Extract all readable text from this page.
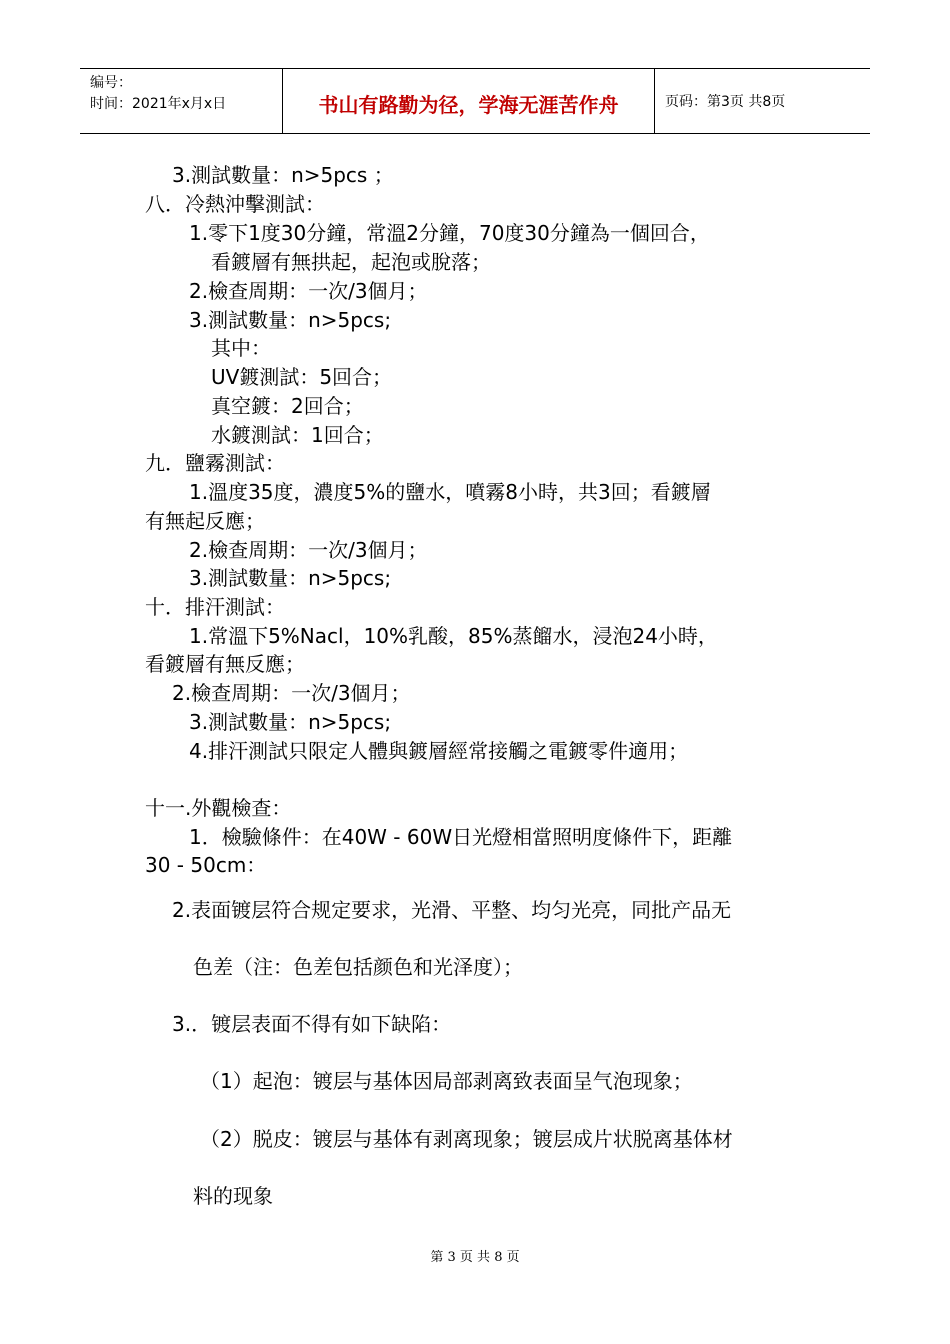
编号：
时间：2021年x月x日	书山有路勤为径，学海无涯苦作舟	页码：第3页 共8页
3.測試數量：n>5pcs ；
八．冷熱沖擊測試：
1.零下1度30分鐘，常溫2分鐘，70度30分鐘為一個回合，
看鍍層有無拱起，起泡或脫落；
2.檢查周期：一次/3個月；
3.測試數量：n>5pcs;
其中：
UV鍍測試：5回合；
真空鍍：2回合；
水鍍測試：1回合；
九．鹽霧測試：
1.溫度35度，濃度5%的鹽水，噴霧8小時，共3回；看鍍層
有無起反應；
2.檢查周期：一次/3個月；
3.測試數量：n>5pcs;
十．排汗測試：
1.常溫下5%Nacl，10%乳酸，85%蒸餾水，浸泡24小時，
看鍍層有無反應；
2.檢查周期：一次/3個月；
3.測試數量：n>5pcs;
4.排汗測試只限定人體與鍍層經常接觸之電鍍零件適用；
十一.外觀檢查：
1．檢驗條件：在40W - 60W日光燈相當照明度條件下，距離
30 - 50cm：
2.表面镀层符合规定要求，光滑、平整、均匀光亮，同批产品无
色差（注：色差包括颜色和光泽度）；
3.．镀层表面不得有如下缺陷：
（1）起泡：镀层与基体因局部剥离致表面呈气泡现象；
（2）脱皮：镀层与基体有剥离现象；镀层成片状脱离基体材
料的现象
第 3 页 共 8 页
